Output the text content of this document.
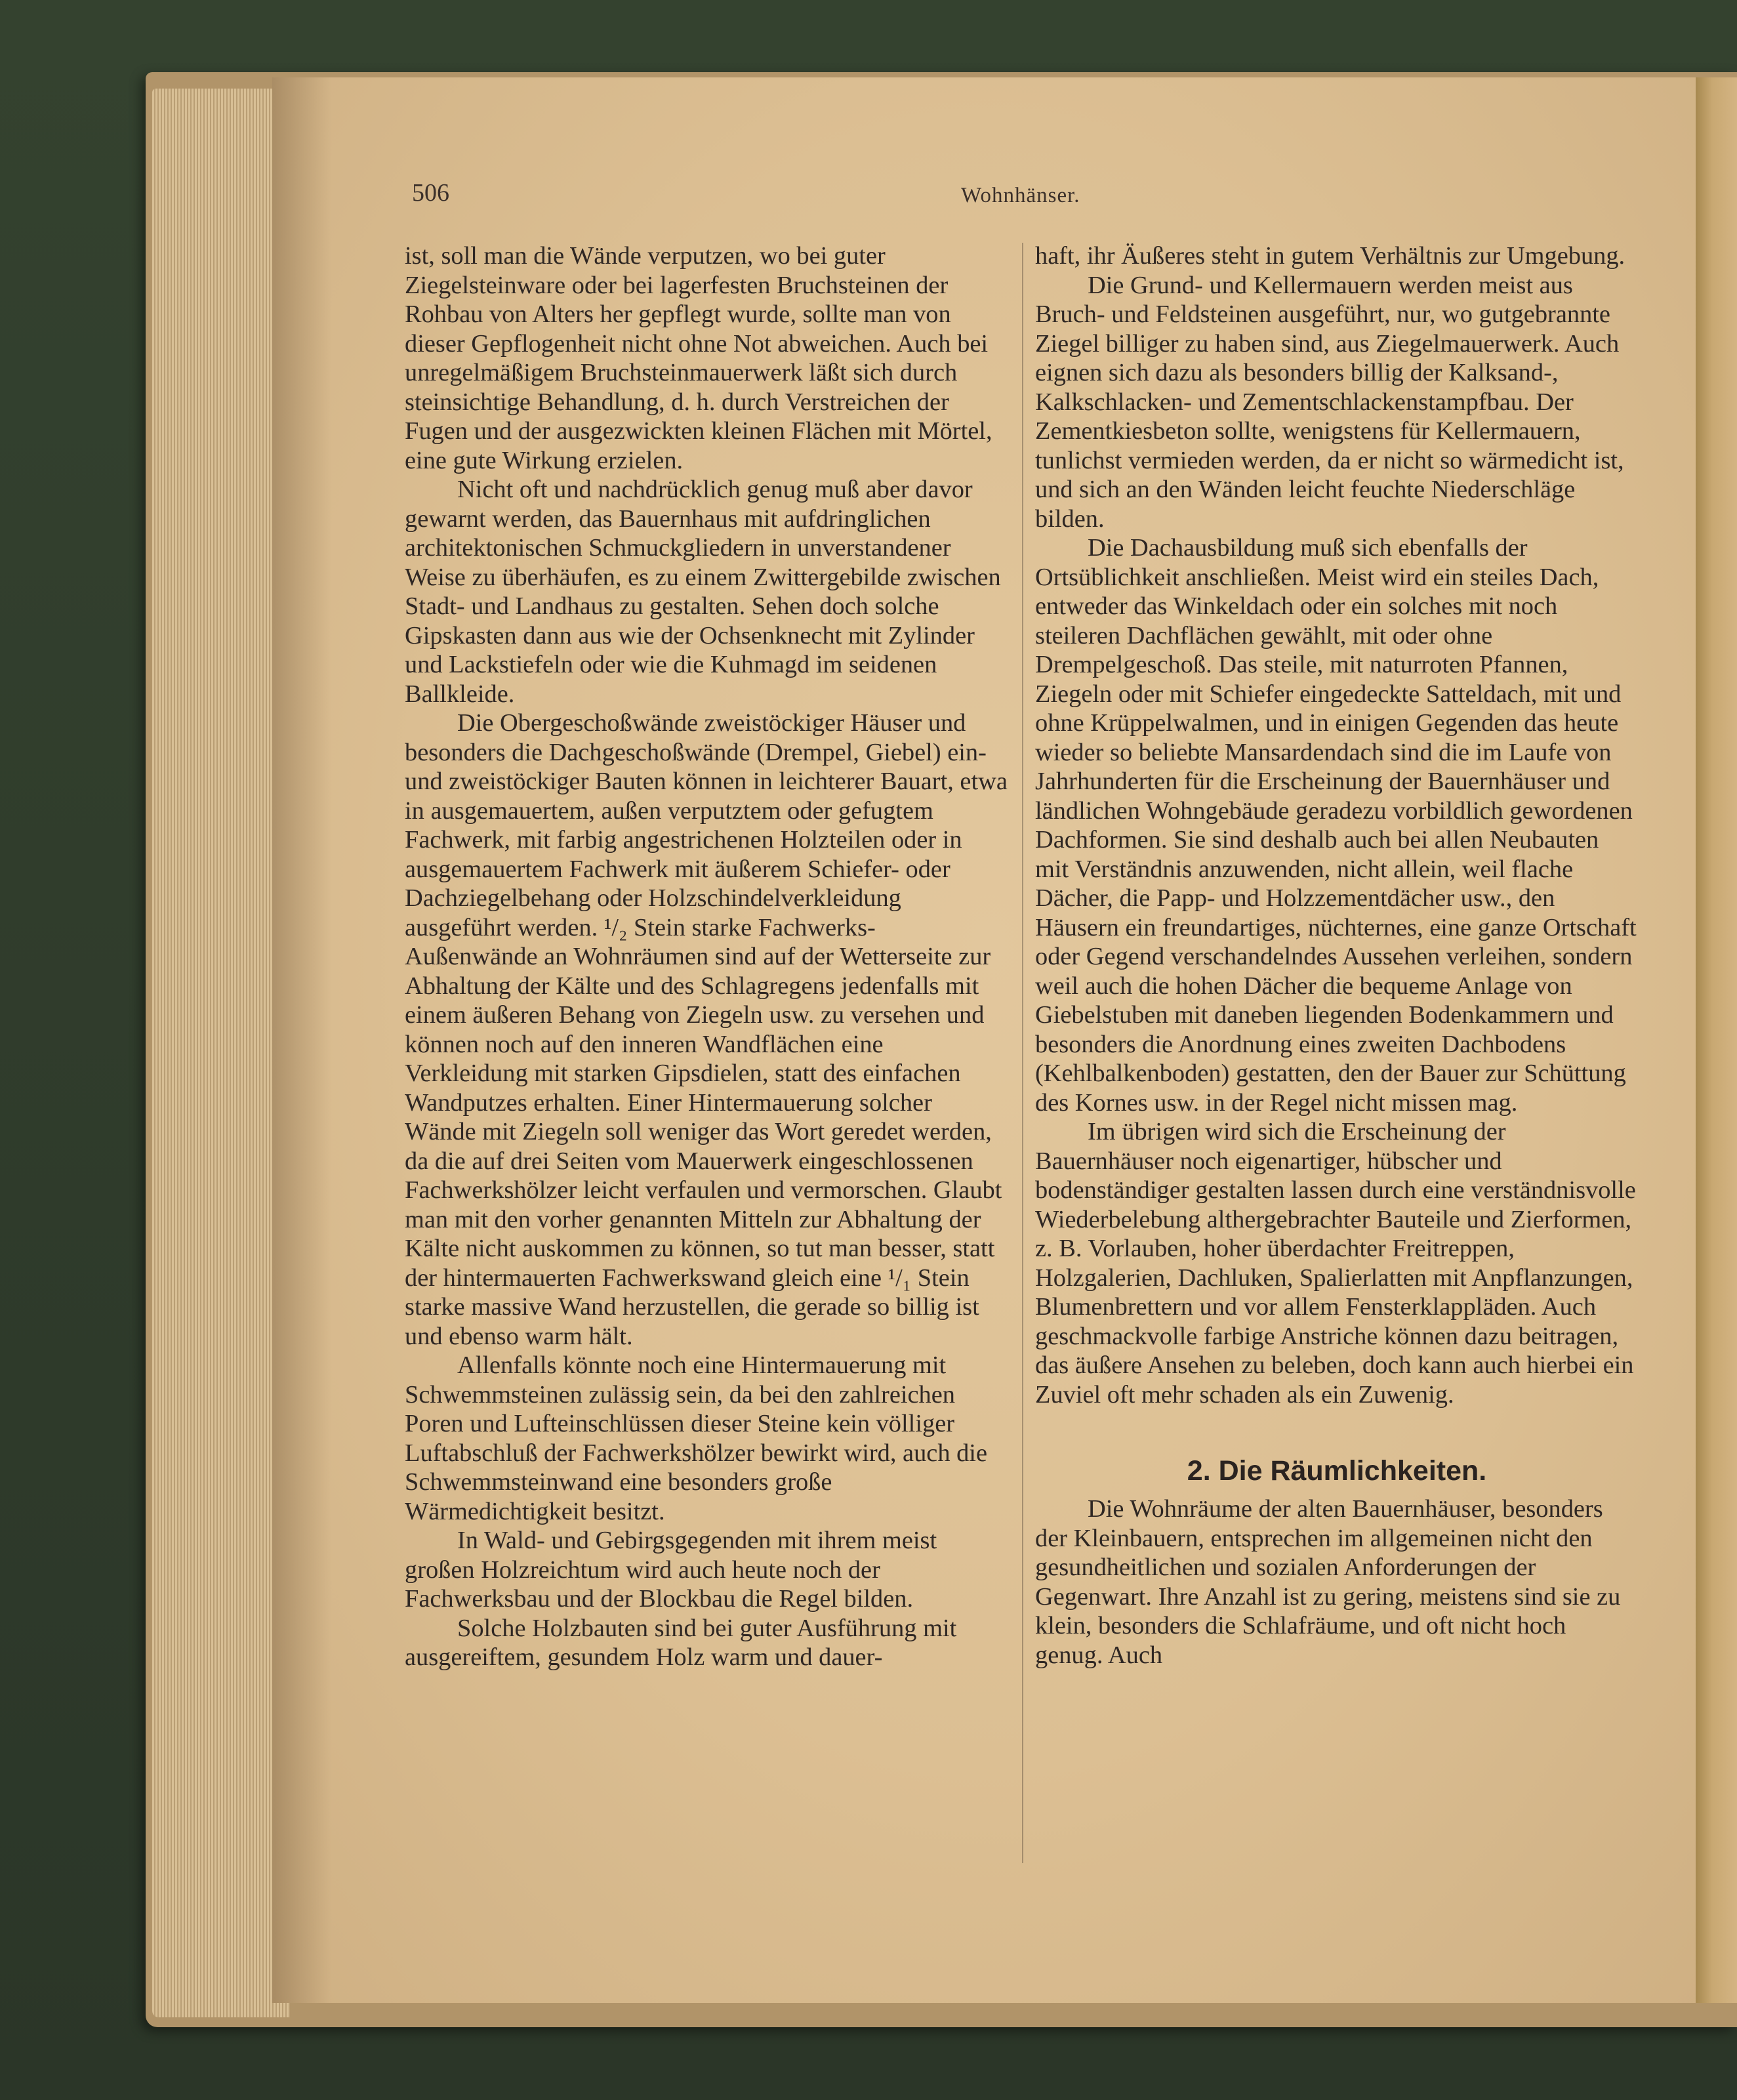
506	Wohnhänser.

ist, soll man die Wände verputzen, wo bei guter Ziegelsteinware oder bei lagerfesten Bruchsteinen der Rohbau von Alters her gepflegt wurde, sollte man von dieser Gepflogenheit nicht ohne Not abweichen. Auch bei unregelmäßigem Bruchsteinmauerwerk läßt sich durch steinsichtige Behandlung, d. h. durch Verstreichen der Fugen und der ausgezwickten kleinen Flächen mit Mörtel, eine gute Wirkung erzielen.

Nicht oft und nachdrücklich genug muß aber davor gewarnt werden, das Bauernhaus mit aufdringlichen architektonischen Schmuckgliedern in unverstandener Weise zu überhäufen, es zu einem Zwittergebilde zwischen Stadt- und Landhaus zu gestalten. Sehen doch solche Gipskasten dann aus wie der Ochsenknecht mit Zylinder und Lackstiefeln oder wie die Kuhmagd im seidenen Ballkleide.

Die Obergeschoßwände zweistöckiger Häuser und besonders die Dachgeschoßwände (Drempel, Giebel) ein- und zweistöckiger Bauten können in leichterer Bauart, etwa in ausgemauertem, außen verputztem oder gefugtem Fachwerk, mit farbig angestrichenen Holzteilen oder in ausgemauertem Fachwerk mit äußerem Schiefer- oder Dachziegelbehang oder Holzschindelverkleidung ausgeführt werden. ¹/₂ Stein starke Fachwerks-Außenwände an Wohnräumen sind auf der Wetterseite zur Abhaltung der Kälte und des Schlagregens jedenfalls mit einem äußeren Behang von Ziegeln usw. zu versehen und können noch auf den inneren Wandflächen eine Verkleidung mit starken Gipsdielen, statt des einfachen Wandputzes erhalten. Einer Hintermauerung solcher Wände mit Ziegeln soll weniger das Wort geredet werden, da die auf drei Seiten vom Mauerwerk eingeschlossenen Fachwerkshölzer leicht verfaulen und vermorschen. Glaubt man mit den vorher genannten Mitteln zur Abhaltung der Kälte nicht auskommen zu können, so tut man besser, statt der hintermauerten Fachwerkswand gleich eine ¹/₁ Stein starke massive Wand herzustellen, die gerade so billig ist und ebenso warm hält.

Allenfalls könnte noch eine Hintermauerung mit Schwemmsteinen zulässig sein, da bei den zahlreichen Poren und Lufteinschlüssen dieser Steine kein völliger Luftabschluß der Fachwerkshölzer bewirkt wird, auch die Schwemmsteinwand eine besonders große Wärmedichtigkeit besitzt.

In Wald- und Gebirgsgegenden mit ihrem meist großen Holzreichtum wird auch heute noch der Fachwerksbau und der Blockbau die Regel bilden.

Solche Holzbauten sind bei guter Ausführung mit ausgereiftem, gesundem Holz warm und dauer-

haft, ihr Äußeres steht in gutem Verhältnis zur Umgebung.

Die Grund- und Kellermauern werden meist aus Bruch- und Feldsteinen ausgeführt, nur, wo gutgebrannte Ziegel billiger zu haben sind, aus Ziegelmauerwerk. Auch eignen sich dazu als besonders billig der Kalksand-, Kalkschlacken- und Zementschlackenstampfbau. Der Zementkiesbeton sollte, wenigstens für Kellermauern, tunlichst vermieden werden, da er nicht so wärmedicht ist, und sich an den Wänden leicht feuchte Niederschläge bilden.

Die Dachausbildung muß sich ebenfalls der Ortsüblichkeit anschließen. Meist wird ein steiles Dach, entweder das Winkeldach oder ein solches mit noch steileren Dachflächen gewählt, mit oder ohne Drempelgeschoß. Das steile, mit naturroten Pfannen, Ziegeln oder mit Schiefer eingedeckte Satteldach, mit und ohne Krüppelwalmen, und in einigen Gegenden das heute wieder so beliebte Mansardendach sind die im Laufe von Jahrhunderten für die Erscheinung der Bauernhäuser und ländlichen Wohngebäude geradezu vorbildlich gewordenen Dachformen. Sie sind deshalb auch bei allen Neubauten mit Verständnis anzuwenden, nicht allein, weil flache Dächer, die Papp- und Holzzementdächer usw., den Häusern ein freundartiges, nüchternes, eine ganze Ortschaft oder Gegend verschandelndes Aussehen verleihen, sondern weil auch die hohen Dächer die bequeme Anlage von Giebelstuben mit daneben liegenden Bodenkammern und besonders die Anordnung eines zweiten Dachbodens (Kehlbalkenboden) gestatten, den der Bauer zur Schüttung des Kornes usw. in der Regel nicht missen mag.

Im übrigen wird sich die Erscheinung der Bauernhäuser noch eigenartiger, hübscher und bodenständiger gestalten lassen durch eine verständnisvolle Wiederbelebung althergebrachter Bauteile und Zierformen, z. B. Vorlauben, hoher überdachter Freitreppen, Holzgalerien, Dachluken, Spalierlatten mit Anpflanzungen, Blumenbrettern und vor allem Fensterklappläden. Auch geschmackvolle farbige Anstriche können dazu beitragen, das äußere Ansehen zu beleben, doch kann auch hierbei ein Zuviel oft mehr schaden als ein Zuwenig.

2. Die Räumlichkeiten.

Die Wohnräume der alten Bauernhäuser, besonders der Kleinbauern, entsprechen im allgemeinen nicht den gesundheitlichen und sozialen Anforderungen der Gegenwart. Ihre Anzahl ist zu gering, meistens sind sie zu klein, besonders die Schlafräume, und oft nicht hoch genug. Auch
